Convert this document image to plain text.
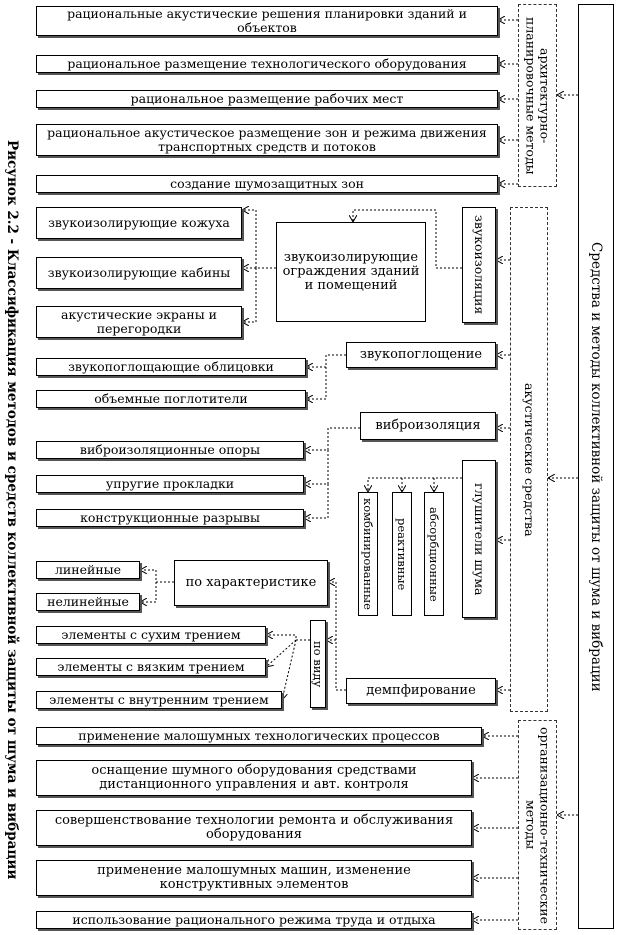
Рисунок 2.2 - Классификация методов и средств коллективной защиты от шума и вибрации	Средства и методы коллективной защиты от шума и вибрации
архитектурно-планировочные методы
акустические средства
организационно-технические методы
рациональные акустические решения планировки зданий и объектов
рациональное размещение технологического оборудования
рациональное размещение рабочих мест
рациональное акустическое размещение зон и режима движения транспортных средств и потоков
создание шумозащитных зон
звукоизоляция
звукоизолирующие ограждения зданий и помещений
звукоизолирующие кожуха
звукоизолирующие кабины
акустические экраны и перегородки
звукопоглощение
звукопоглощающие облицовки
объемные поглотители
виброизоляция
виброизоляционные опоры
упругие прокладки
конструкционные разрывы	глушители шума
комбинированные реактивные абсорбционные
демпфирование
по характеристике
линейные
нелинейные
по виду
элементы с сухим трением
элементы с вязким трением
элементы с внутренним трением
применение малошумных технологических процессов
оснащение шумного оборудования средствами дистанционного управления и авт. контроля
совершенствование технологии ремонта и обслуживания оборудования
применение малошумных машин, изменение конструктивных элементов
использование рационального режима труда и отдыха
